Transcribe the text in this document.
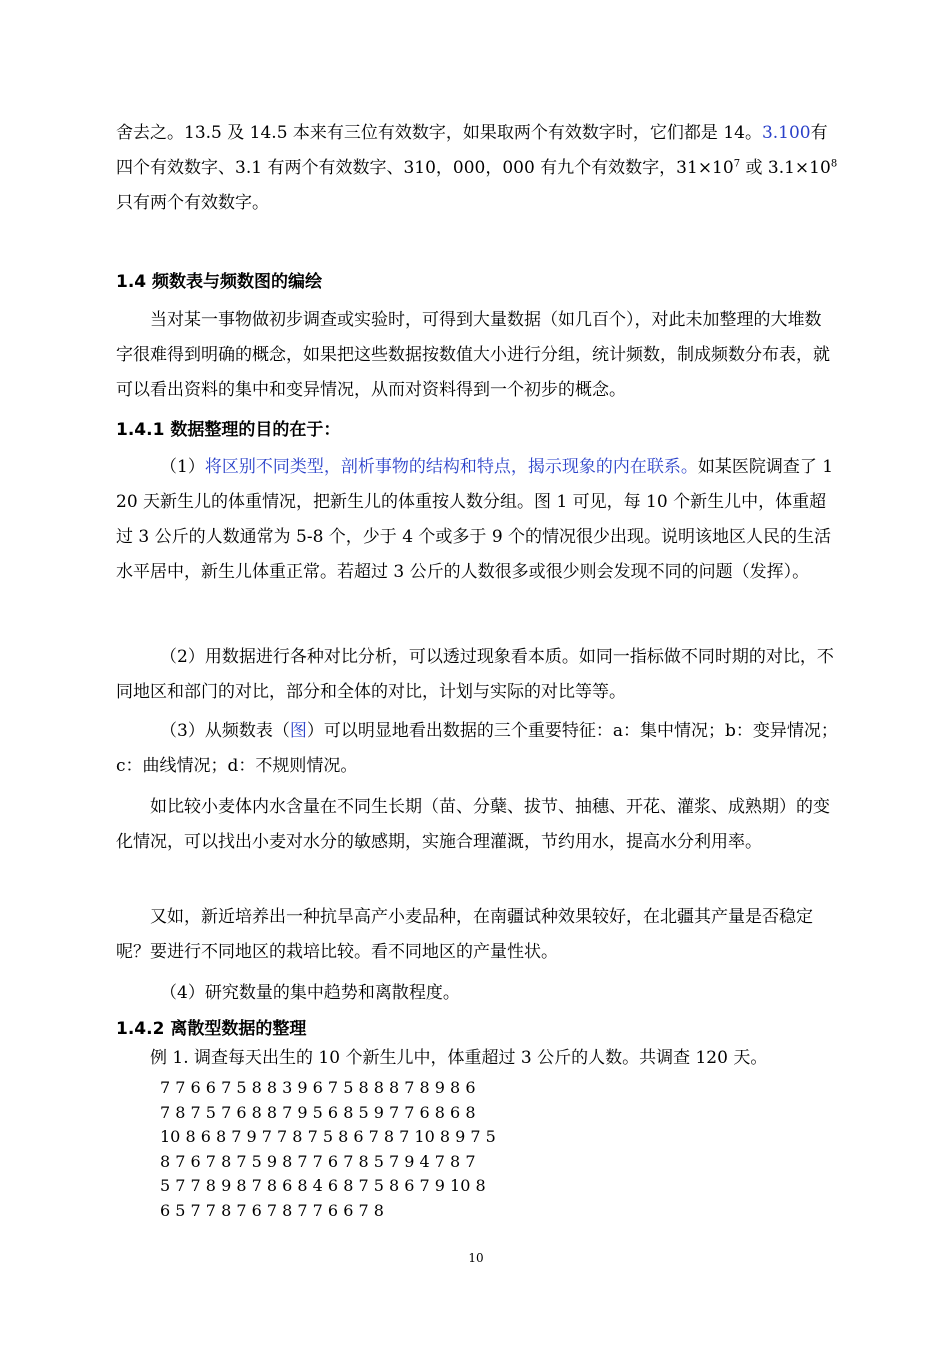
舍去之。13.5 及 14.5 本来有三位有效数字，如果取两个有效数字时，它们都是 14。3.100有四个有效数字、3.1 有两个有效数字、310，000，000 有九个有效数字，$31\times 10^7$ 或 $3.1\times 10^8$ 只有两个有效数字。
1.4 频数表与频数图的编绘
当对某一事物做初步调查或实验时，可得到大量数据（如几百个），对此未加整理的大堆数字很难得到明确的概念，如果把这些数据按数值大小进行分组，统计频数，制成频数分布表，就可以看出资料的集中和变异情况，从而对资料得到一个初步的概念。
1.4.1 数据整理的目的在于：
（1）将区别不同类型，剖析事物的结构和特点，揭示现象的内在联系。如某医院调查了 120 天新生儿的体重情况，把新生儿的体重按人数分组。图 1 可见，每 10 个新生儿中，体重超过 3 公斤的人数通常为 5-8 个，少于 4 个或多于 9 个的情况很少出现。说明该地区人民的生活水平居中，新生儿体重正常。若超过 3 公斤的人数很多或很少则会发现不同的问题（发挥）。
（2）用数据进行各种对比分析，可以透过现象看本质。如同一指标做不同时期的对比，不同地区和部门的对比，部分和全体的对比，计划与实际的对比等等。
（3）从频数表（图）可以明显地看出数据的三个重要特征：a：集中情况；b：变异情况；c：曲线情况；d：不规则情况。
如比较小麦体内水含量在不同生长期（苗、分蘖、拔节、抽穗、开花、灌浆、成熟期）的变化情况，可以找出小麦对水分的敏感期，实施合理灌溉，节约用水，提高水分利用率。
又如，新近培养出一种抗旱高产小麦品种，在南疆试种效果较好，在北疆其产量是否稳定呢？要进行不同地区的栽培比较。看不同地区的产量性状。
（4）研究数量的集中趋势和离散程度。
1.4.2 离散型数据的整理
例 1. 调查每天出生的 10 个新生儿中，体重超过 3 公斤的人数。共调查 120 天。
7 7 6 6 7 5 8 8 3 9 6 7 5 8 8 8 7 8 9 8 6
7 8 7 5 7 6 8 8 7 9 5 6 8 5 9 7 7 6 8 6 8
10 8 6 8 7 9 7 7 8 7 5 8 6 7 8 7 10 8 9 7 5
8 7 6 7 8 7 5 9 8 7 7 6 7 8 5 7 9 4 7 8 7
5 7 7 8 9 8 7 8 6 8 4 6 8 7 5 8 6 7 9 10 8
6 5 7 7 8 7 6 7 8 7 7 6 6 7 8
10
